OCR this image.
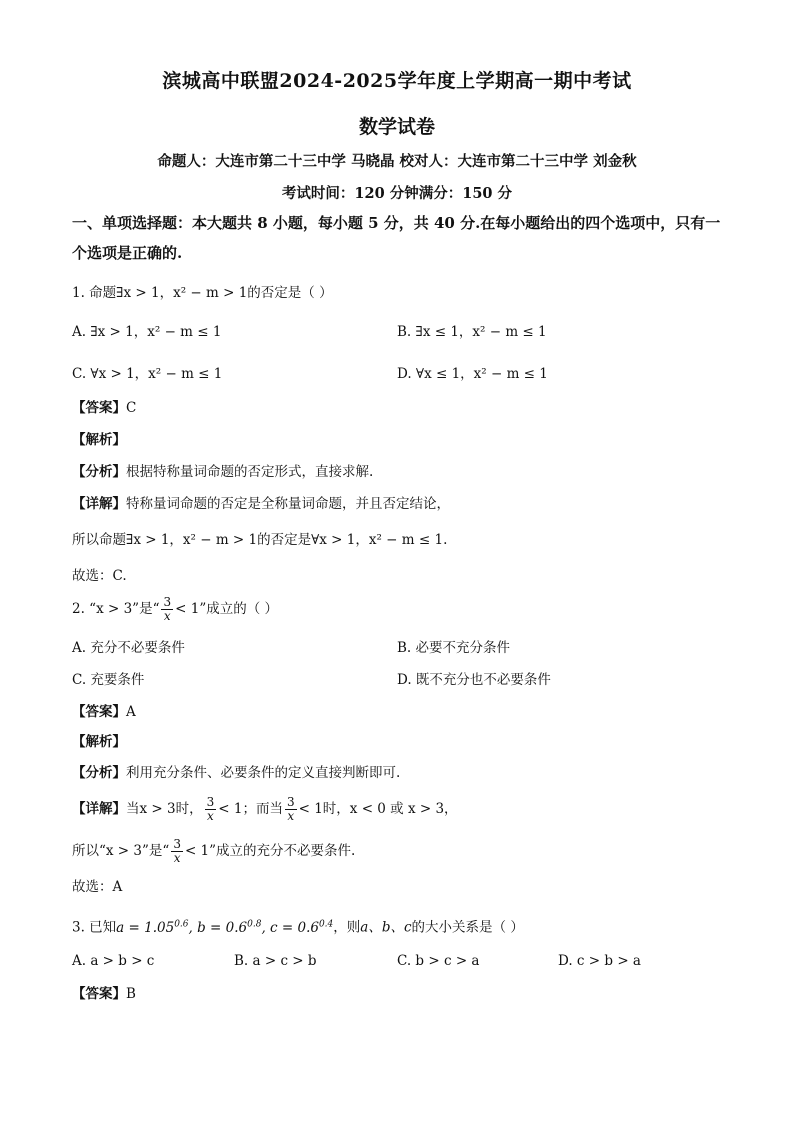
滨城高中联盟2024-2025学年度上学期高一期中考试
数学试卷
命题人：大连市第二十三中学 马晓晶 校对人：大连市第二十三中学 刘金秋
考试时间：120 分钟满分：150 分
一、单项选择题：本大题共 8 小题，每小题 5 分，共 40 分.在每小题给出的四个选项中，只有一个选项是正确的.
1. 命题∃x > 1，x² − m > 1的否定是（ ）
A. ∃x > 1，x² − m ≤ 1	B. ∃x ≤ 1，x² − m ≤ 1
C. ∀x > 1，x² − m ≤ 1	D. ∀x ≤ 1，x² − m ≤ 1
【答案】C
【解析】
【分析】根据特称量词命题的否定形式，直接求解.
【详解】特称量词命题的否定是全称量词命题，并且否定结论，
所以命题∃x > 1，x² − m > 1的否定是∀x > 1，x² − m ≤ 1.
故选：C.
2. “x > 3”是“ $\frac{3}{x} < 1$”成立的（ ）
A. 充分不必要条件	B. 必要不充分条件
C. 充要条件	D. 既不充分也不必要条件
【答案】A
【解析】
【分析】利用充分条件、必要条件的定义直接判断即可.
【详解】当x > 3时， $\frac{3}{x} < 1$；而当 $\frac{3}{x} < 1$时，x < 0 或 x > 3，
所以“x > 3”是“ $\frac{3}{x} < 1$”成立的充分不必要条件.
故选：A
3. 已知$a = 1.05^{0.6}$, $b = 0.6^{0.8}$, $c = 0.6^{0.4}$，则a、b、c的大小关系是（ ）
A. a > b > c	B. a > c > b	C. b > c > a	D. c > b > a
【答案】B
